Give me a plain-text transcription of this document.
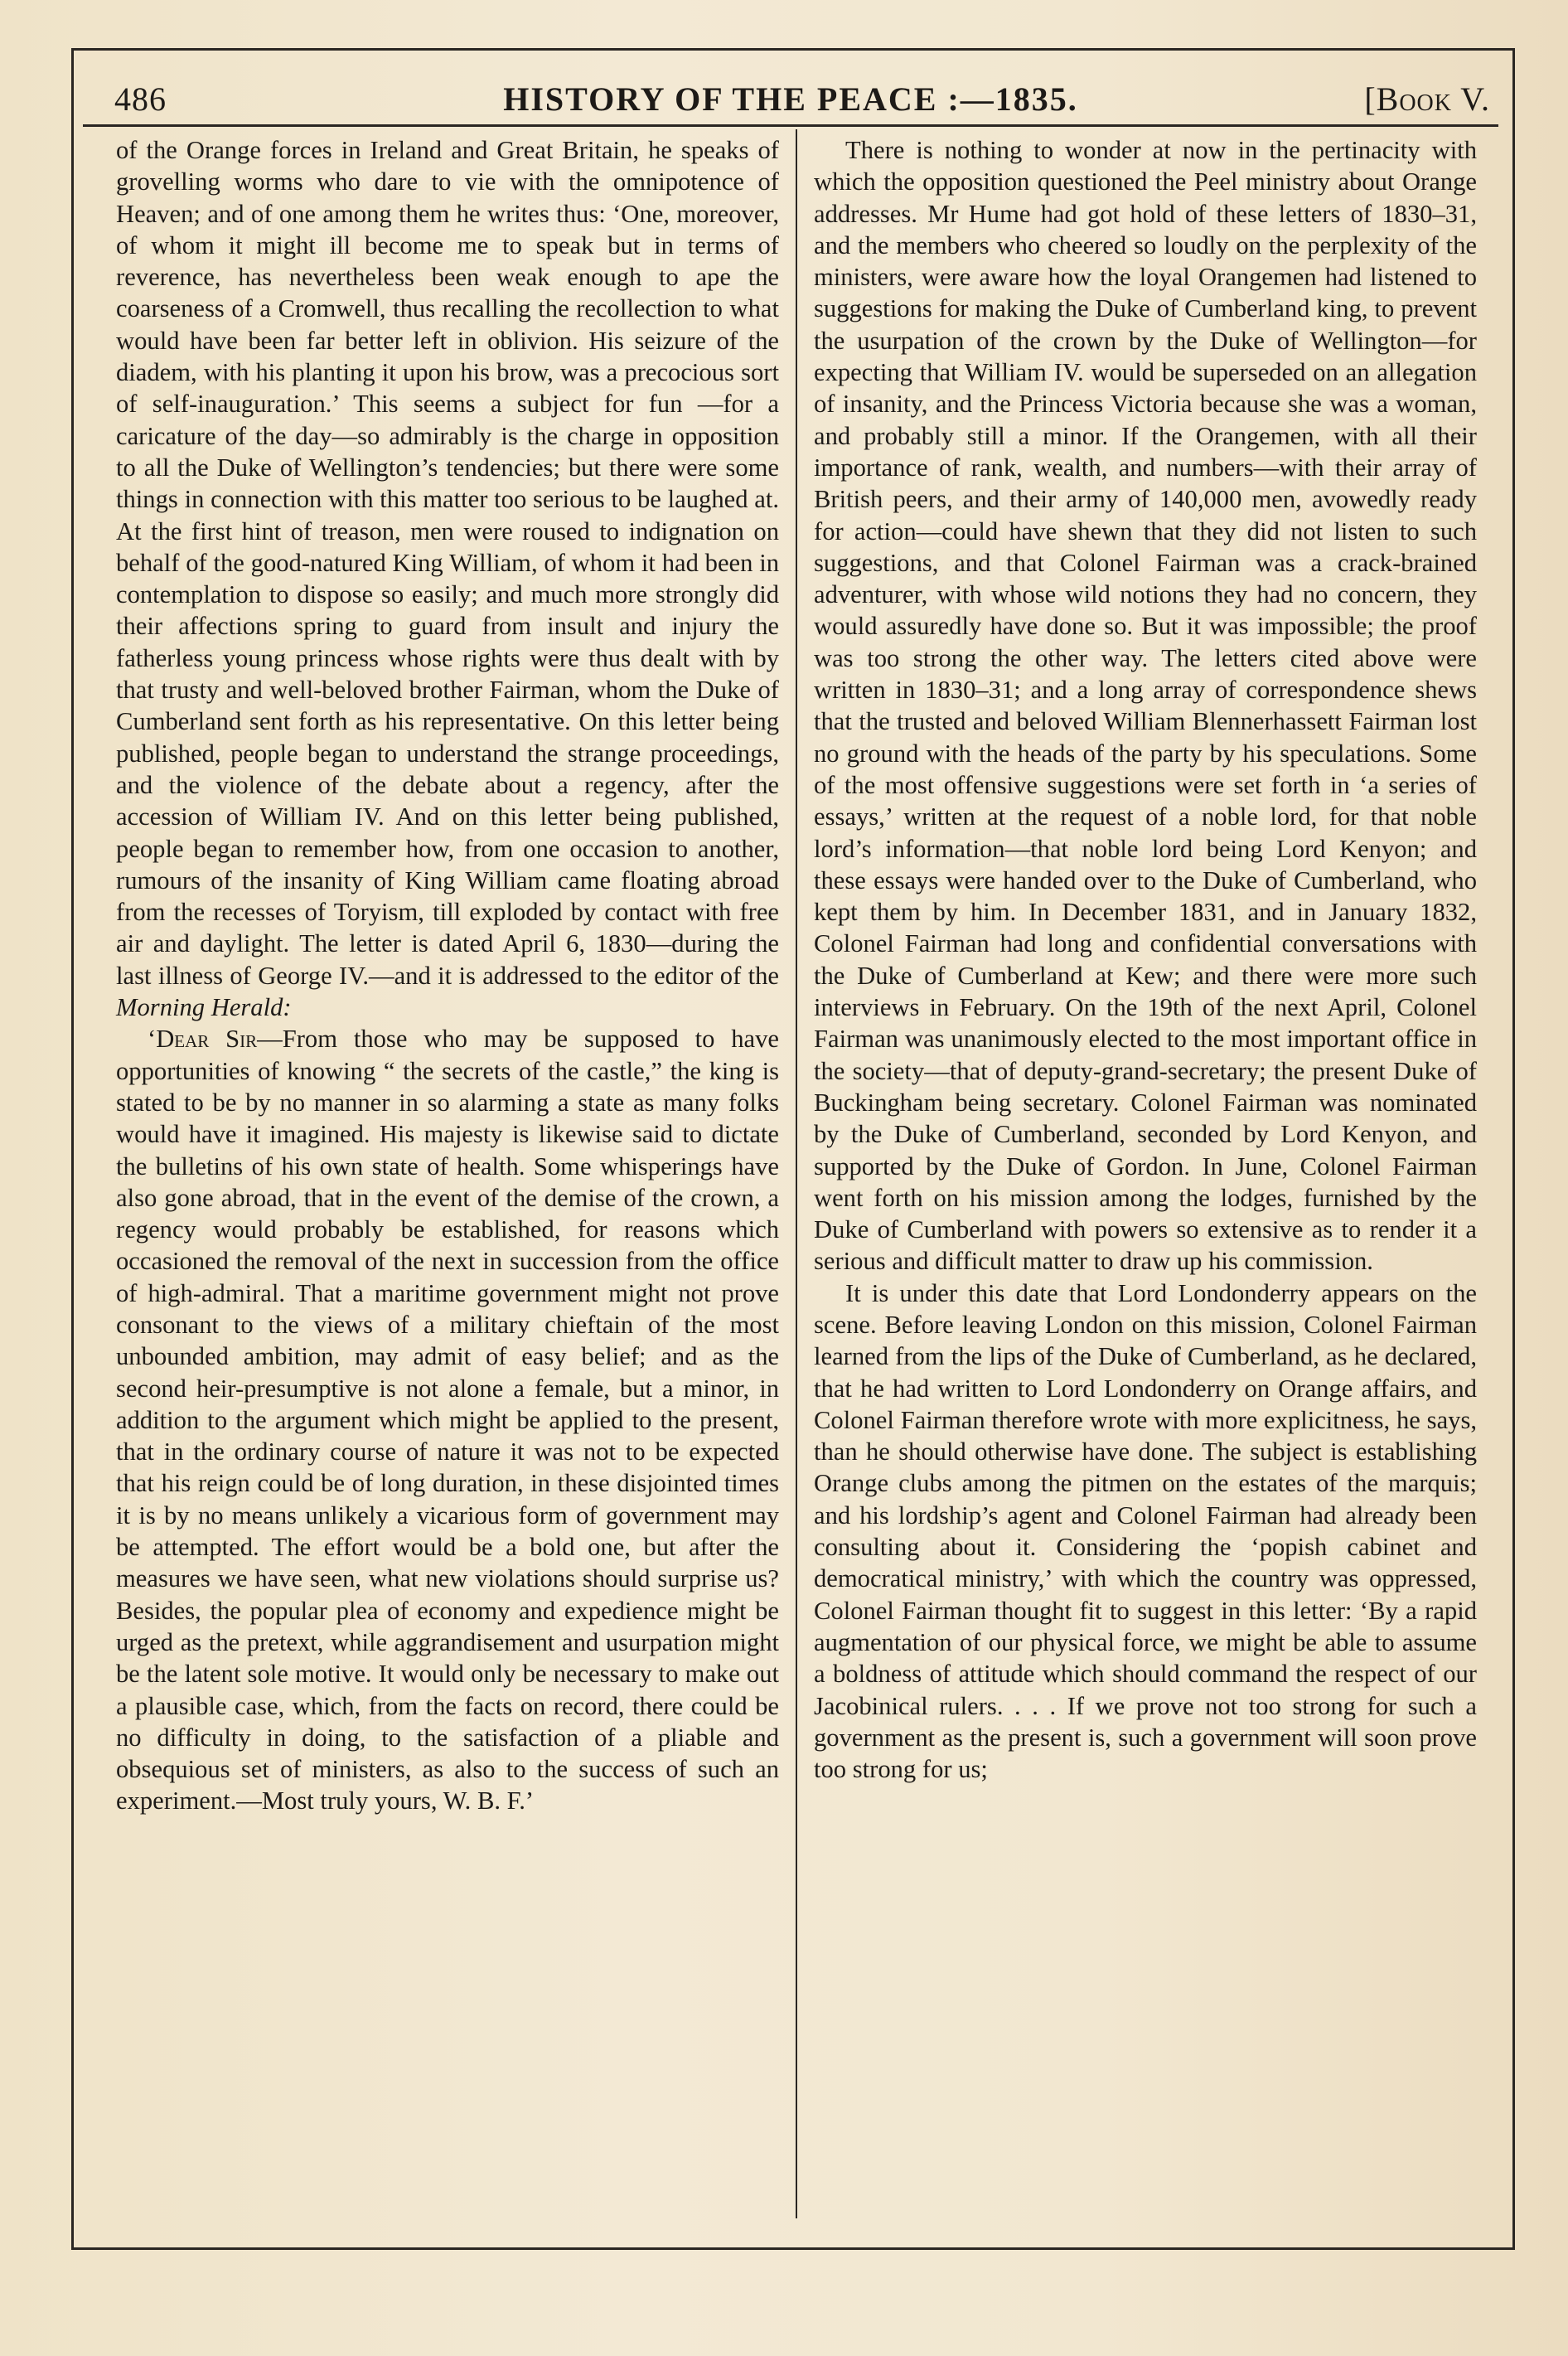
486	HISTORY OF THE PEACE :—1835.	[Book V.

of the Orange forces in Ireland and Great Britain, he speaks of grovelling worms who dare to vie with the omnipotence of Heaven; and of one among them he writes thus: ‘One, moreover, of whom it might ill become me to speak but in terms of reverence, has nevertheless been weak enough to ape the coarseness of a Cromwell, thus recalling the recollection to what would have been far better left in oblivion. His seizure of the diadem, with his planting it upon his brow, was a precocious sort of self-inauguration.’ This seems a subject for fun —for a caricature of the day—so admirably is the charge in opposition to all the Duke of Wellington’s tendencies; but there were some things in connection with this matter too serious to be laughed at. At the first hint of treason, men were roused to indignation on behalf of the good-natured King William, of whom it had been in contemplation to dispose so easily; and much more strongly did their affections spring to guard from insult and injury the fatherless young princess whose rights were thus dealt with by that trusty and well-beloved brother Fairman, whom the Duke of Cumberland sent forth as his representative. On this letter being published, people began to understand the strange proceedings, and the violence of the debate about a regency, after the accession of William IV. And on this letter being published, people began to remember how, from one occasion to another, rumours of the insanity of King William came floating abroad from the recesses of Toryism, till exploded by contact with free air and daylight. The letter is dated April 6, 1830—during the last illness of George IV.—and it is addressed to the editor of the Morning Herald:

‘Dear Sir—From those who may be supposed to have opportunities of knowing “ the secrets of the castle,” the king is stated to be by no manner in so alarming a state as many folks would have it imagined. His majesty is likewise said to dictate the bulletins of his own state of health. Some whisperings have also gone abroad, that in the event of the demise of the crown, a regency would probably be established, for reasons which occasioned the removal of the next in succession from the office of high-admiral. That a maritime government might not prove consonant to the views of a military chieftain of the most unbounded ambition, may admit of easy belief; and as the second heir-presumptive is not alone a female, but a minor, in addition to the argument which might be applied to the present, that in the ordinary course of nature it was not to be expected that his reign could be of long duration, in these disjointed times it is by no means unlikely a vicarious form of government may be attempted. The effort would be a bold one, but after the measures we have seen, what new violations should surprise us? Besides, the popular plea of economy and expedience might be urged as the pretext, while aggrandisement and usurpation might be the latent sole motive. It would only be necessary to make out a plausible case, which, from the facts on record, there could be no difficulty in doing, to the satisfaction of a pliable and obsequious set of ministers, as also to the success of such an experiment.—Most truly yours, W. B. F.’

There is nothing to wonder at now in the pertinacity with which the opposition questioned the Peel ministry about Orange addresses. Mr Hume had got hold of these letters of 1830–31, and the members who cheered so loudly on the perplexity of the ministers, were aware how the loyal Orangemen had listened to suggestions for making the Duke of Cumberland king, to prevent the usurpation of the crown by the Duke of Wellington—for expecting that William IV. would be superseded on an allegation of insanity, and the Princess Victoria because she was a woman, and probably still a minor. If the Orangemen, with all their importance of rank, wealth, and numbers—with their array of British peers, and their army of 140,000 men, avowedly ready for action—could have shewn that they did not listen to such suggestions, and that Colonel Fairman was a crack-brained adventurer, with whose wild notions they had no concern, they would assuredly have done so. But it was impossible; the proof was too strong the other way. The letters cited above were written in 1830–31; and a long array of correspondence shews that the trusted and beloved William Blennerhassett Fairman lost no ground with the heads of the party by his speculations. Some of the most offensive suggestions were set forth in ‘a series of essays,’ written at the request of a noble lord, for that noble lord’s information—that noble lord being Lord Kenyon; and these essays were handed over to the Duke of Cumberland, who kept them by him. In December 1831, and in January 1832, Colonel Fairman had long and confidential conversations with the Duke of Cumberland at Kew; and there were more such interviews in February. On the 19th of the next April, Colonel Fairman was unanimously elected to the most important office in the society—that of deputy-grand-secretary; the present Duke of Buckingham being secretary. Colonel Fairman was nominated by the Duke of Cumberland, seconded by Lord Kenyon, and supported by the Duke of Gordon. In June, Colonel Fairman went forth on his mission among the lodges, furnished by the Duke of Cumberland with powers so extensive as to render it a serious and difficult matter to draw up his commission.

It is under this date that Lord Londonderry appears on the scene. Before leaving London on this mission, Colonel Fairman learned from the lips of the Duke of Cumberland, as he declared, that he had written to Lord Londonderry on Orange affairs, and Colonel Fairman therefore wrote with more explicitness, he says, than he should otherwise have done. The subject is establishing Orange clubs among the pitmen on the estates of the marquis; and his lordship’s agent and Colonel Fairman had already been consulting about it. Considering the ‘popish cabinet and democratical ministry,’ with which the country was oppressed, Colonel Fairman thought fit to suggest in this letter: ‘By a rapid augmentation of our physical force, we might be able to assume a boldness of attitude which should command the respect of our Jacobinical rulers. . . . If we prove not too strong for such a government as the present is, such a government will soon prove too strong for us;
